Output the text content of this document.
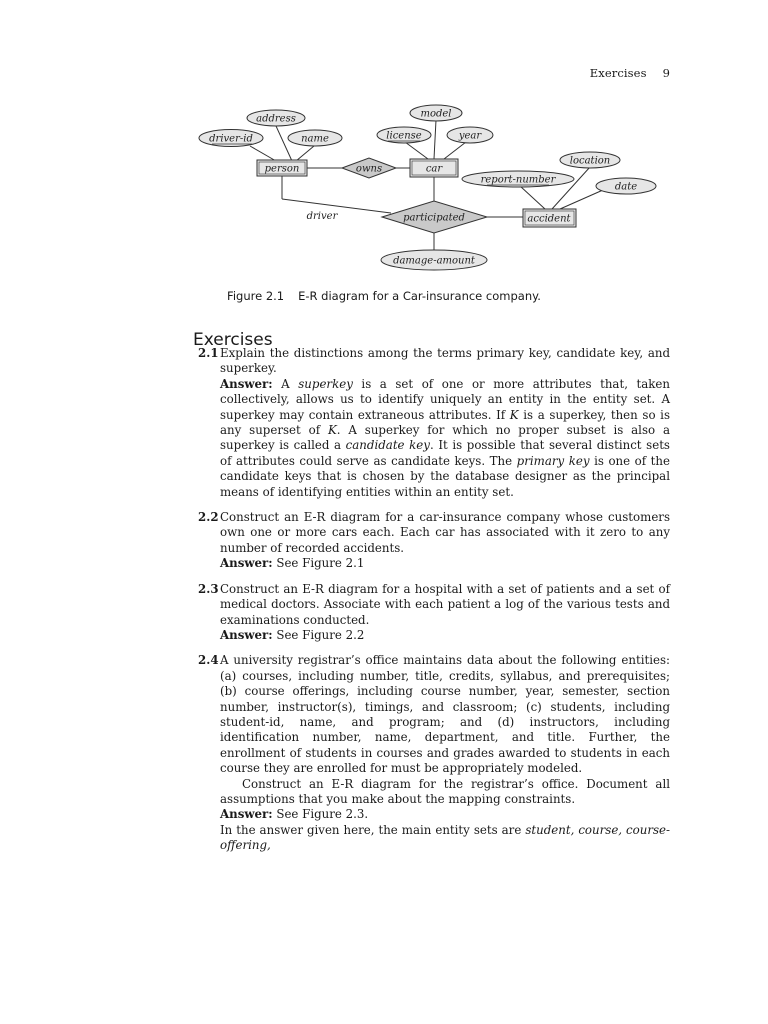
Exercises 9
address
driver-id	name
model
license	year
location
report-number
date
damage-amount
owns
participated
person	car
accident
driver
Figure 2.1 E-R diagram for a Car-insurance company.
Exercises
2.1 Explain the distinctions among the terms primary key, candidate key, and superkey.
Answer: A superkey is a set of one or more attributes that, taken collectively, allows us to identify uniquely an entity in the entity set. A superkey may contain extraneous attributes. If K is a superkey, then so is any superset of K. A superkey for which no proper subset is also a superkey is called a candidate key. It is possible that several distinct sets of attributes could serve as candidate keys. The primary key is one of the candidate keys that is chosen by the database designer as the principal means of identifying entities within an entity set.
2.2 Construct an E-R diagram for a car-insurance company whose customers own one or more cars each. Each car has associated with it zero to any number of recorded accidents.
Answer: See Figure 2.1
2.3 Construct an E-R diagram for a hospital with a set of patients and a set of medical doctors. Associate with each patient a log of the various tests and examinations conducted.
Answer: See Figure 2.2
2.4 A university registrar’s office maintains data about the following entities: (a) courses, including number, title, credits, syllabus, and prerequisites; (b) course offerings, including course number, year, semester, section number, instructor(s), timings, and classroom; (c) students, including student-id, name, and program; and (d) instructors, including identification number, name, department, and title. Further, the enrollment of students in courses and grades awarded to students in each course they are enrolled for must be appropriately modeled.
Construct an E-R diagram for the registrar’s office. Document all assumptions that you make about the mapping constraints.
Answer: See Figure 2.3.
In the answer given here, the main entity sets are student, course, course-offering,
